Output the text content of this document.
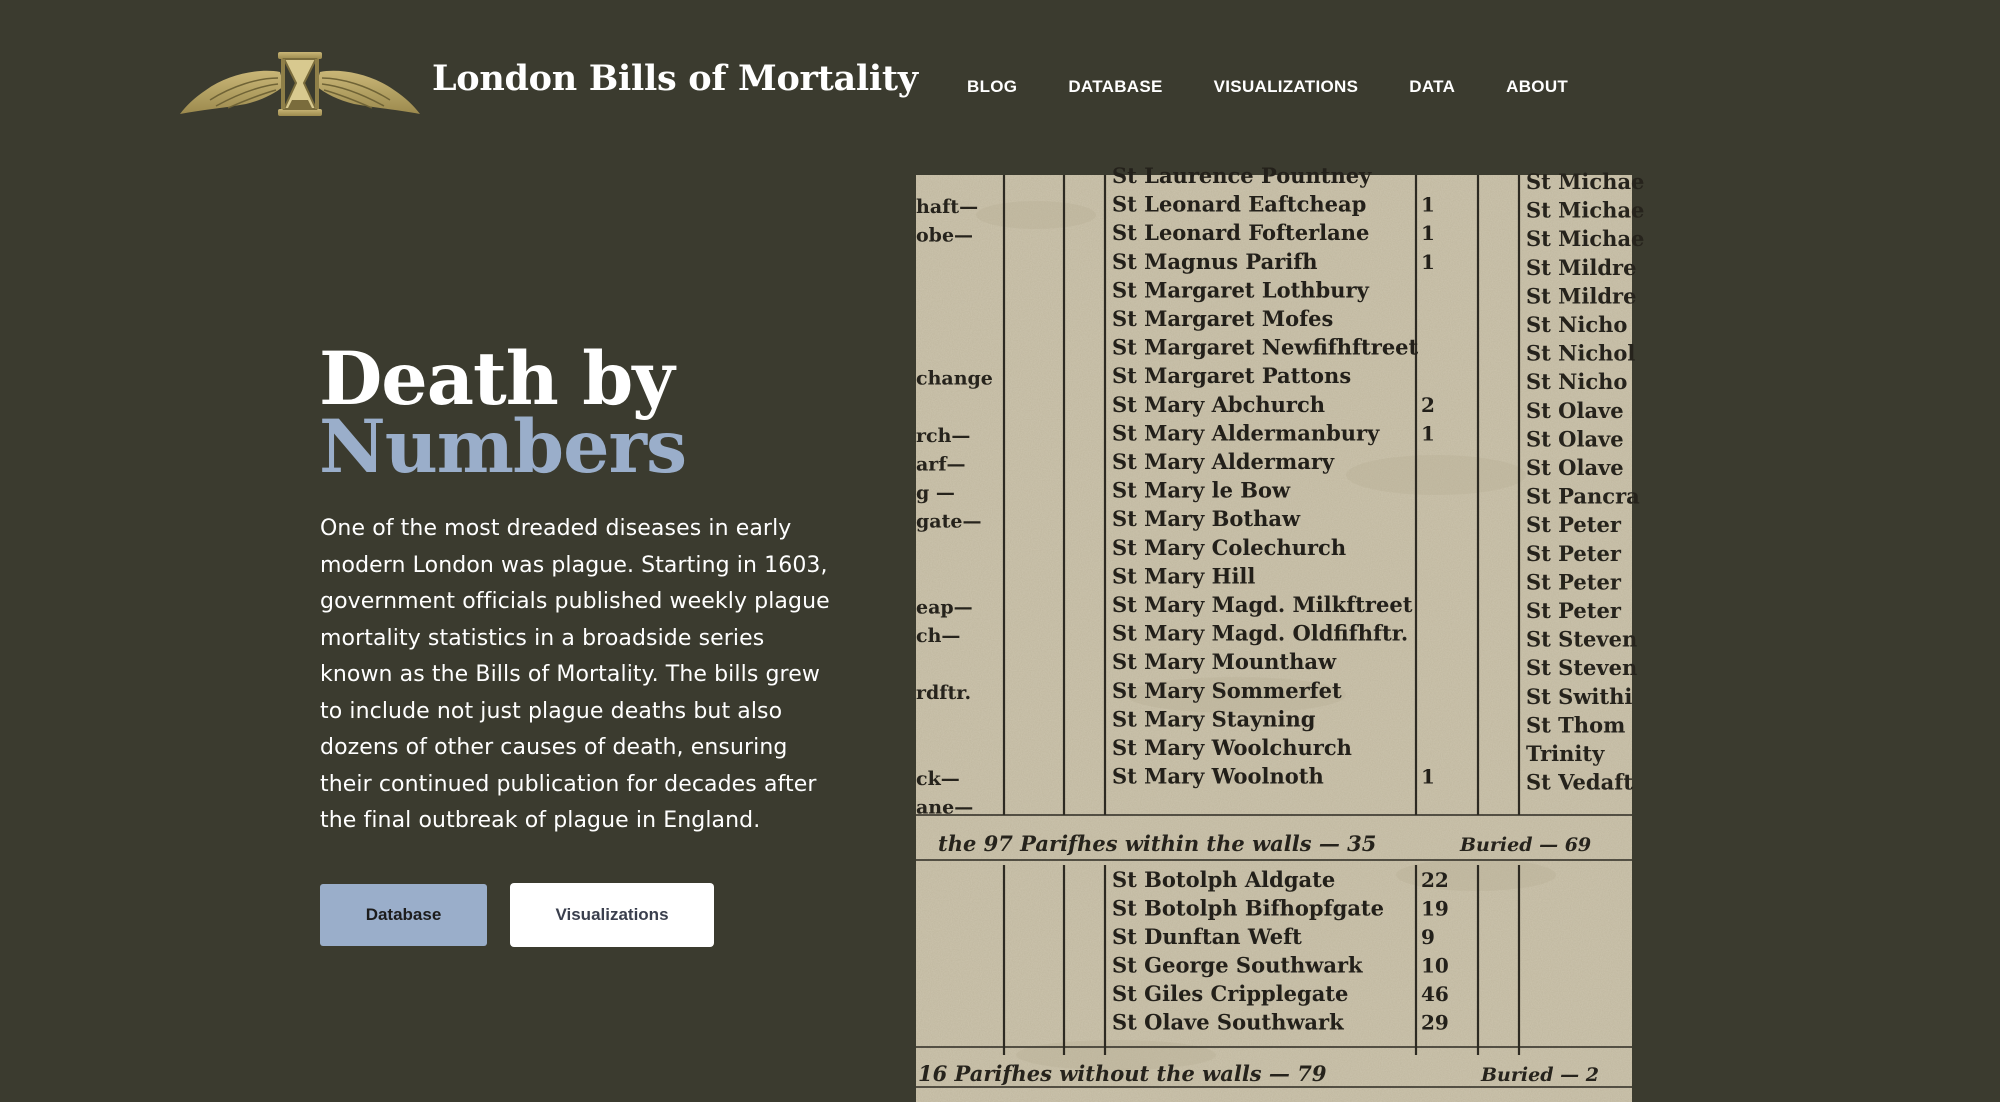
London Bills of Mortality	BLOG	DATABASE	VISUALIZATIONS	DATA	ABOUT
Death by
Numbers

One of the most dreaded diseases in early modern London was plague. Starting in 1603, government officials published weekly plague mortality statistics in a broadside series known as the Bills of Mortality. The bills grew to include not just plague deaths but also dozens of other causes of death, ensuring their continued publication for decades after the final outbreak of plague in England.

Database	Visualizations
haft—
obe—
change
rch—
arf—
g —
gate—
eap—
ch—
rdftr.
ck—
ane—
St Laurence Pountney
St Leonard Eaftcheap	1
St Leonard Fofterlane	1
St Magnus Parifh	1
St Margaret Lothbury
St Margaret Mofes
St Margaret Newfifhftreet
St Margaret Pattons
St Mary Abchurch	2
St Mary Aldermanbury 1
St Mary Aldermary
St Mary le Bow
St Mary Bothaw
St Mary Colechurch
St Mary Hill
St Mary Magd. Milkftreet
St Mary Magd. Oldfifhftr.
St Mary Mounthaw
St Mary Sommerfet
St Mary Stayning
St Mary Woolchurch
St Mary Woolnoth	1
St Michae
St Michae
St Michae
St Mildre
St Mildre
St Nicho
St Nichol
St Nicho
St Olave
St Olave
St Olave
St Pancra
St Peter
St Peter
St Peter
St Peter
St Steven
St Steven
St Swithi
St Thom
Trinity
St Vedaft
the 97 Parifhes within the walls — 35	Buried — 69
St Botolph Aldgate	22
St Botolph Bifhopfgate 19
St Dunftan Weft	9
St George Southwark	10
St Giles Cripplegate	46
St Olave Southwark	29
16 Parifhes without the walls — 79	Buried — 2
